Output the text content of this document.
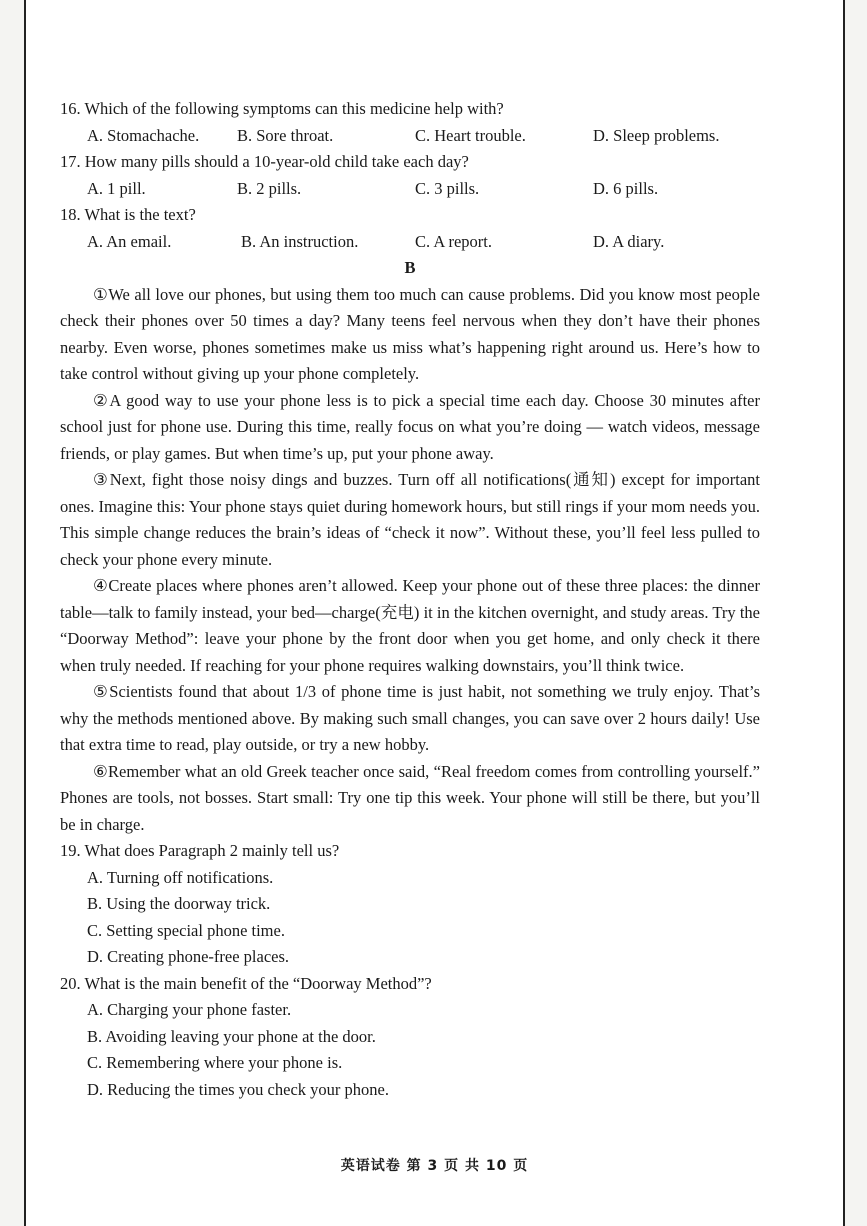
16. Which of the following symptoms can this medicine help with?
A. Stomachache. B. Sore throat.	C. Heart trouble.	D. Sleep problems.
17. How many pills should a 10-year-old child take each day?
A. 1 pill.	B. 2 pills.	C. 3 pills.	D. 6 pills.
18. What is the text?
A. An email.	B. An instruction.	C. A report.	D. A diary.
B

①We all love our phones, but using them too much can cause problems. Did you know most people check their phones over 50 times a day? Many teens feel nervous when they don’t have their phones nearby. Even worse, phones sometimes make us miss what’s happening right around us. Here’s how to take control without giving up your phone completely.

②A good way to use your phone less is to pick a special time each day. Choose 30 minutes after school just for phone use. During this time, really focus on what you’re doing — watch videos, message friends, or play games. But when time’s up, put your phone away.

③Next, fight those noisy dings and buzzes. Turn off all notifications(通知) except for important ones. Imagine this: Your phone stays quiet during homework hours, but still rings if your mom needs you. This simple change reduces the brain’s ideas of “check it now”. Without these, you’ll feel less pulled to check your phone every minute.

④Create places where phones aren’t allowed. Keep your phone out of these three places: the dinner table—talk to family instead, your bed—charge(充电) it in the kitchen overnight, and study areas. Try the “Doorway Method”: leave your phone by the front door when you get home, and only check it there when truly needed. If reaching for your phone requires walking downstairs, you’ll think twice.

⑤Scientists found that about 1/3 of phone time is just habit, not something we truly enjoy. That’s why the methods mentioned above. By making such small changes, you can save over 2 hours daily! Use that extra time to read, play outside, or try a new hobby.

⑥Remember what an old Greek teacher once said, “Real freedom comes from controlling yourself.” Phones are tools, not bosses. Start small: Try one tip this week. Your phone will still be there, but you’ll be in charge.

19. What does Paragraph 2 mainly tell us?
A. Turning off notifications.
B. Using the doorway trick.
C. Setting special phone time.
D. Creating phone-free places.
20. What is the main benefit of the “Doorway Method”?
A. Charging your phone faster.
B. Avoiding leaving your phone at the door.
C. Remembering where your phone is.
D. Reducing the times you check your phone.
英语试卷 第 3 页 共 10 页
